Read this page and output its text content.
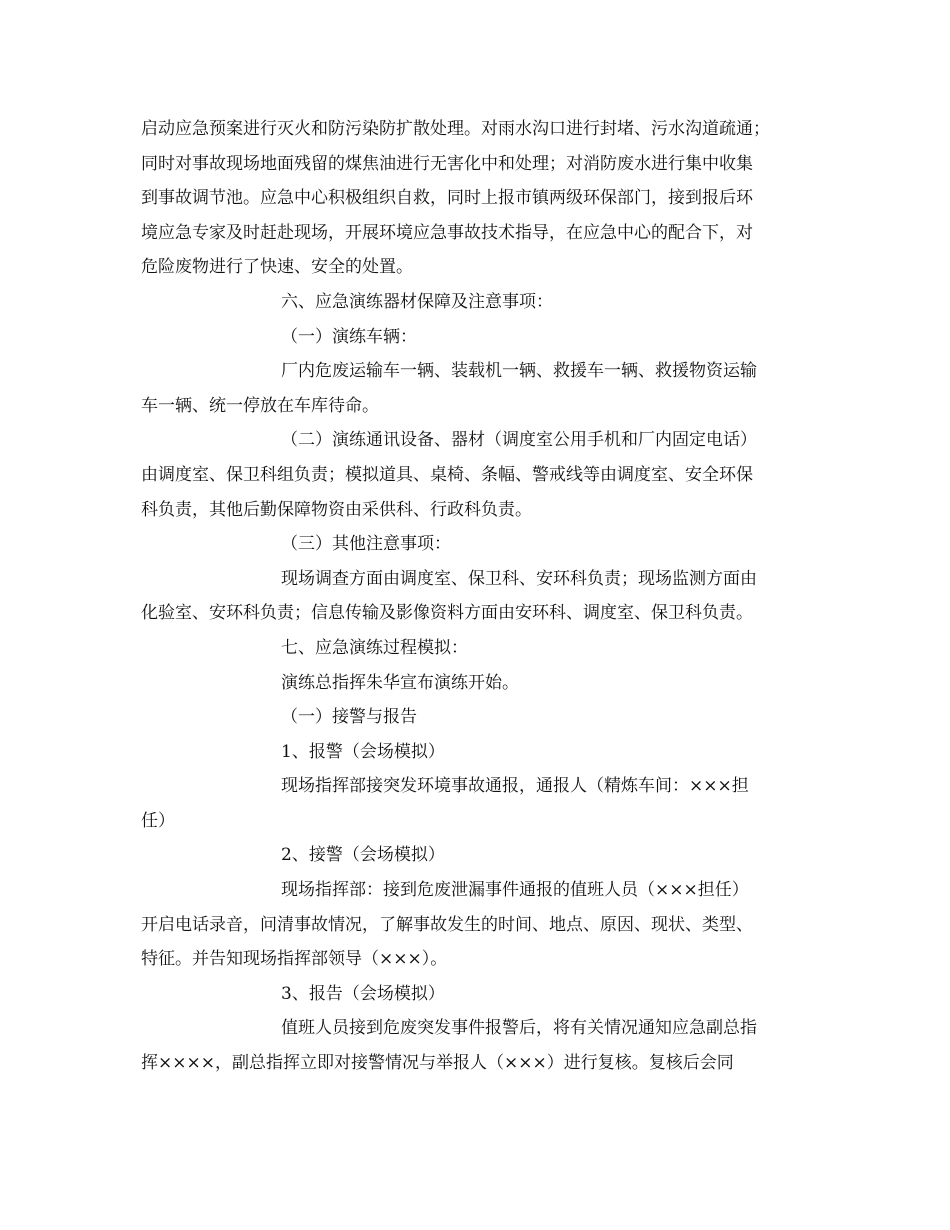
启动应急预案进行灭火和防污染防扩散处理。对雨水沟口进行封堵、污水沟道疏通；
同时对事故现场地面残留的煤焦油进行无害化中和处理；对消防废水进行集中收集
到事故调节池。应急中心积极组织自救，同时上报市镇两级环保部门，接到报后环
境应急专家及时赶赴现场，开展环境应急事故技术指导，在应急中心的配合下，对
危险废物进行了快速、安全的处置。
六、应急演练器材保障及注意事项：
（一）演练车辆：
厂内危废运输车一辆、装载机一辆、救援车一辆、救援物资运输
车一辆、统一停放在车库待命。
（二）演练通讯设备、器材（调度室公用手机和厂内固定电话）
由调度室、保卫科组负责；模拟道具、桌椅、条幅、警戒线等由调度室、安全环保
科负责，其他后勤保障物资由采供科、行政科负责。
（三）其他注意事项：
现场调查方面由调度室、保卫科、安环科负责；现场监测方面由
化验室、安环科负责；信息传输及影像资料方面由安环科、调度室、保卫科负责。
七、应急演练过程模拟：
演练总指挥朱华宣布演练开始。
（一）接警与报告
1、报警（会场模拟）
现场指挥部接突发环境事故通报，通报人（精炼车间：×××担
任）
2、接警（会场模拟）
现场指挥部：接到危废泄漏事件通报的值班人员（×××担任）
开启电话录音，问清事故情况，了解事故发生的时间、地点、原因、现状、类型、
特征。并告知现场指挥部领导（×××）。
3、报告（会场模拟）
值班人员接到危废突发事件报警后，将有关情况通知应急副总指
挥××××，副总指挥立即对接警情况与举报人（×××）进行复核。复核后会同
